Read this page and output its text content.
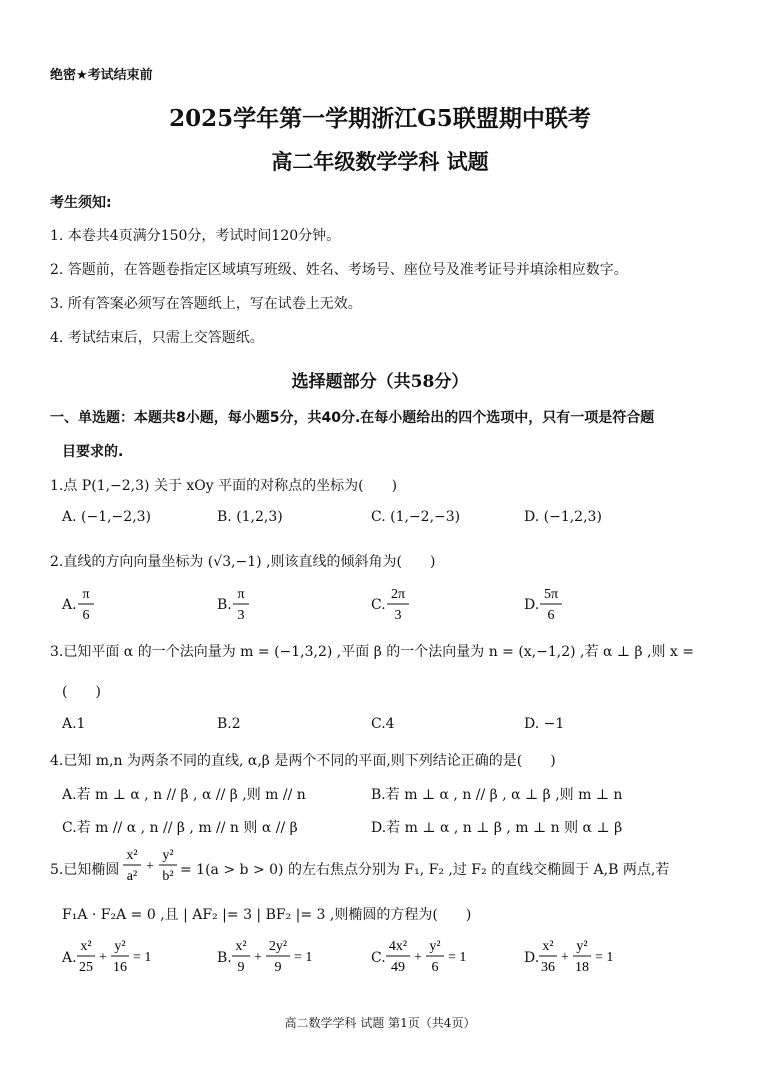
绝密★考试结束前
2025学年第一学期浙江G5联盟期中联考
高二年级数学学科 试题
考生须知:
1. 本卷共4页满分150分，考试时间120分钟。
2. 答题前，在答题卷指定区域填写班级、姓名、考场号、座位号及准考证号并填涂相应数字。
3. 所有答案必须写在答题纸上，写在试卷上无效。
4. 考试结束后，只需上交答题纸。
选择题部分（共58分）
一、单选题：本题共8小题，每小题5分，共40分.在每小题给出的四个选项中，只有一项是符合题
目要求的.
1.点 P(1,−2,3) 关于 xOy 平面的对称点的坐标为(　　)
A. (−1,−2,3)	B. (1,2,3)	C. (1,−2,−3)	D. (−1,2,3)
2.直线的方向向量坐标为 (√3,−1) ,则该直线的倾斜角为(　　)
A.
π
6
B.
π
3
C.
2π
3
D.
5π
6
3.已知平面 α 的一个法向量为 m = (−1,3,2) ,平面 β 的一个法向量为 n = (x,−1,2) ,若 α ⊥ β ,则 x =
(　　)
A.1	B.2	C.4	D. −1
4.已知 m,n 为两条不同的直线, α,β 是两个不同的平面,则下列结论正确的是(　　)
A.若 m ⊥ α , n // β , α // β ,则 m // n	B.若 m ⊥ α , n // β , α ⊥ β ,则 m ⊥ n
C.若 m // α , n // β , m // n 则 α // β	D.若 m ⊥ α , n ⊥ β , m ⊥ n 则 α ⊥ β
5.已知椭圆
x²
a²
+
y²
b² = 1(a > b > 0) 的左右焦点分别为 F₁, F₂ ,过 F₂ 的直线交椭圆于 A,B 两点,若
F₁A · F₂A = 0 ,且 | AF₂ |= 3 | BF₂ |= 3 ,则椭圆的方程为(　　)
A.
x²
25
+
y²
16
= 1	B.
x²
9
+
2y²
9
= 1	C.
4x²
49
+
y²
6
= 1	D.
x²
36
+
y²
18
= 1
高二数学学科 试题 第1页（共4页）
